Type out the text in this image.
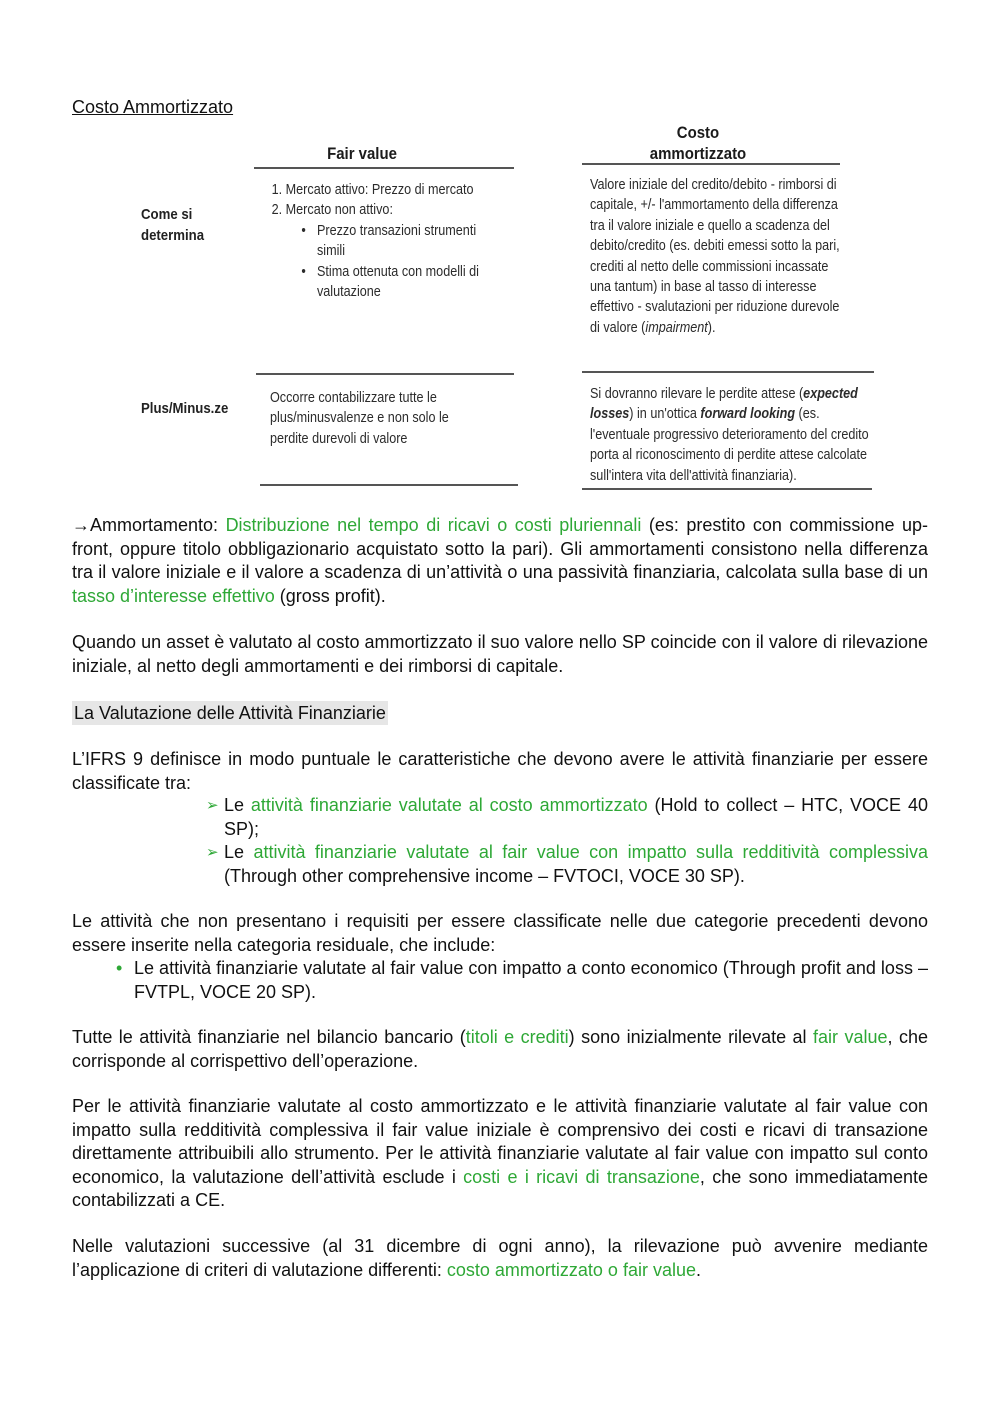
Costo Ammortizzato
Fair value
Costo
ammortizzato
Come si
determina
1. Mercato attivo: Prezzo di mercato
2. Mercato non attivo:
• Prezzo transazioni strumenti simili
• Stima ottenuta con modelli di valutazione
Valore iniziale del credito/debito - rimborsi di capitale, +/- l'ammortamento della differenza tra il valore iniziale e quello a scadenza del debito/credito (es. debiti emessi sotto la pari, crediti al netto delle commissioni incassate una tantum) in base al tasso di interesse effettivo - svalutazioni per riduzione durevole di valore (impairment).
Plus/Minus.ze
Occorre contabilizzare tutte le plus/minusvalenze e non solo le perdite durevoli di valore
Si dovranno rilevare le perdite attese (expected losses) in un'ottica forward looking (es. l'eventuale progressivo deterioramento del credito porta al riconoscimento di perdite attese calcolate sull'intera vita dell'attività finanziaria).
→Ammortamento: Distribuzione nel tempo di ricavi o costi pluriennali (es: prestito con commissione up-front, oppure titolo obbligazionario acquistato sotto la pari). Gli ammortamenti consistono nella differenza tra il valore iniziale e il valore a scadenza di un’attività o una passività finanziaria, calcolata sulla base di un tasso d’interesse effettivo (gross profit).
Quando un asset è valutato al costo ammortizzato il suo valore nello SP coincide con il valore di rilevazione iniziale, al netto degli ammortamenti e dei rimborsi di capitale.
La Valutazione delle Attività Finanziarie
L’IFRS 9 definisce in modo puntuale le caratteristiche che devono avere le attività finanziarie per essere classificate tra:
➢ Le attività finanziarie valutate al costo ammortizzato (Hold to collect – HTC, VOCE 40 SP);
➢ Le attività finanziarie valutate al fair value con impatto sulla redditività complessiva (Through other comprehensive income – FVTOCI, VOCE 30 SP).
Le attività che non presentano i requisiti per essere classificate nelle due categorie precedenti devono essere inserite nella categoria residuale, che include:
• Le attività finanziarie valutate al fair value con impatto a conto economico (Through profit and loss – FVTPL, VOCE 20 SP).
Tutte le attività finanziarie nel bilancio bancario (titoli e crediti) sono inizialmente rilevate al fair value, che corrisponde al corrispettivo dell’operazione.
Per le attività finanziarie valutate al costo ammortizzato e le attività finanziarie valutate al fair value con impatto sulla redditività complessiva il fair value iniziale è comprensivo dei costi e ricavi di transazione direttamente attribuibili allo strumento. Per le attività finanziarie valutate al fair value con impatto sul conto economico, la valutazione dell’attività esclude i costi e i ricavi di transazione, che sono immediatamente contabilizzati a CE.
Nelle valutazioni successive (al 31 dicembre di ogni anno), la rilevazione può avvenire mediante l’applicazione di criteri di valutazione differenti: costo ammortizzato o fair value.
